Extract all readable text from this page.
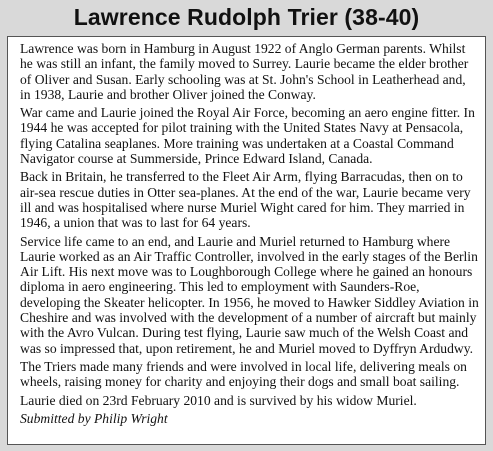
Lawrence Rudolph Trier (38-40)

Lawrence was born in Hamburg in August 1922 of Anglo German parents. Whilst he was still an infant, the family moved to Surrey. Laurie became the elder brother of Oliver and Susan. Early schooling was at St. John's School in Leatherhead and, in 1938, Laurie and brother Oliver joined the Conway.

War came and Laurie joined the Royal Air Force, becoming an aero engine fitter. In 1944 he was accepted for pilot training with the United States Navy at Pensacola, flying Catalina seaplanes. More training was undertaken at a Coastal Command Navigator course at Summerside, Prince Edward Island, Canada.

Back in Britain, he transferred to the Fleet Air Arm, flying Barracudas, then on to air-sea rescue duties in Otter sea-planes. At the end of the war, Laurie became very ill and was hospitalised where nurse Muriel Wight cared for him. They married in 1946, a union that was to last for 64 years.

Service life came to an end, and Laurie and Muriel returned to Hamburg where Laurie worked as an Air Traffic Controller, involved in the early stages of the Berlin Air Lift. His next move was to Loughborough College where he gained an honours diploma in aero engineering. This led to employment with Saunders-Roe, developing the Skeater helicopter. In 1956, he moved to Hawker Siddley Aviation in Cheshire and was involved with the development of a number of aircraft but mainly with the Avro Vulcan. During test flying, Laurie saw much of the Welsh Coast and was so impressed that, upon retirement, he and Muriel moved to Dyffryn Ardudwy.

The Triers made many friends and were involved in local life, delivering meals on wheels, raising money for charity and enjoying their dogs and small boat sailing.

Laurie died on 23rd February 2010 and is survived by his widow Muriel.

Submitted by Philip Wright
